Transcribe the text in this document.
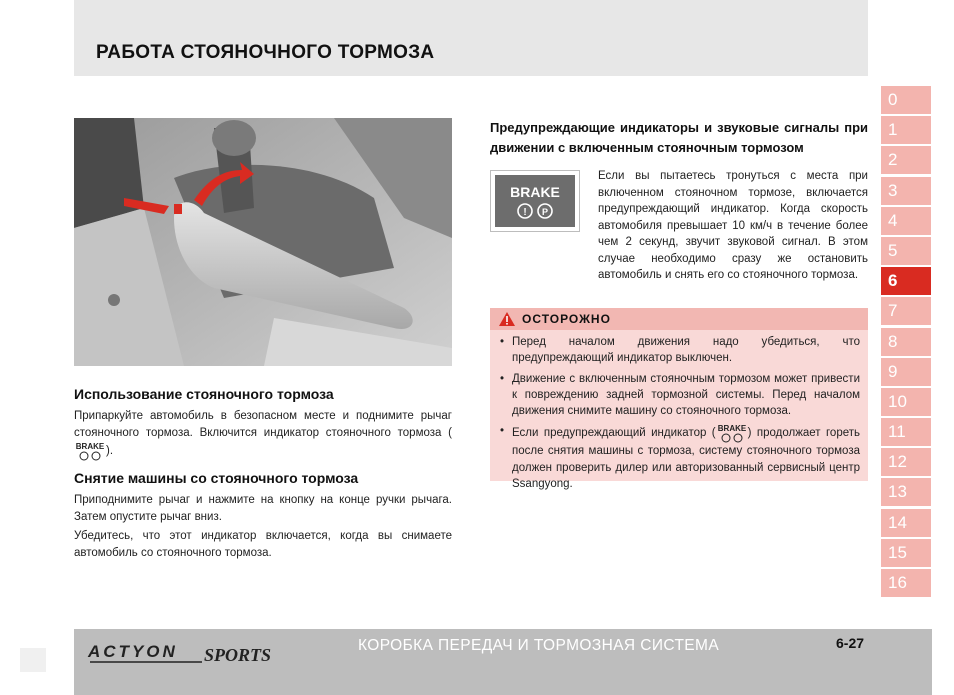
РАБОТА СТОЯНОЧНОГО ТОРМОЗА
Использование стояночного тормоза
Припаркуйте автомобиль в безопасном месте и поднимите рычаг стояночного тормоза. Включится индикатор стояночного тормоза (
BRAKE ).
Снятие машины со стояночного тормоза
Приподнимите рычаг и нажмите на кнопку на конце ручки рычага. Затем опустите рычаг вниз.
Убедитесь, что этот индикатор включается, когда вы снимаете автомобиль со стояночного тормоза.
Предупреждающие индикаторы и звуковые сигналы при движении с включенным стояночным тормозом
BRAKE
! P
Если вы пытаетесь тронуться с места при включенном стояночном тормозе, включается предупреждающий индикатор. Когда скорость автомобиля превышает 10 км/ч в течение более чем 2 секунд, звучит звуковой сигнал. В этом случае необходимо сразу же остановить автомобиль и снять его со стояночного тормоза.
ОСТОРОЖНО
• Перед началом движения надо убедиться, что предупреждающий индикатор выключен.
• Движение с включенным стояночным тормозом может привести к повреждению задней тормозной системы. Перед началом движения снимите машину со стояночного тормоза.
• Если предупреждающий индикатор ( BRAKE ) продолжает гореть после снятия машины с тормоза, систему стояночного тормоза должен проверить дилер или авторизованный сервисный центр Ssangyong.
0
1
2
3
4
5
6
7
8
9
10
11
12
13
14
15
16
ACTYON SPORTS	КОРОБКА ПЕРЕДАЧ И ТОРМОЗНАЯ СИСТЕМА	6-27
